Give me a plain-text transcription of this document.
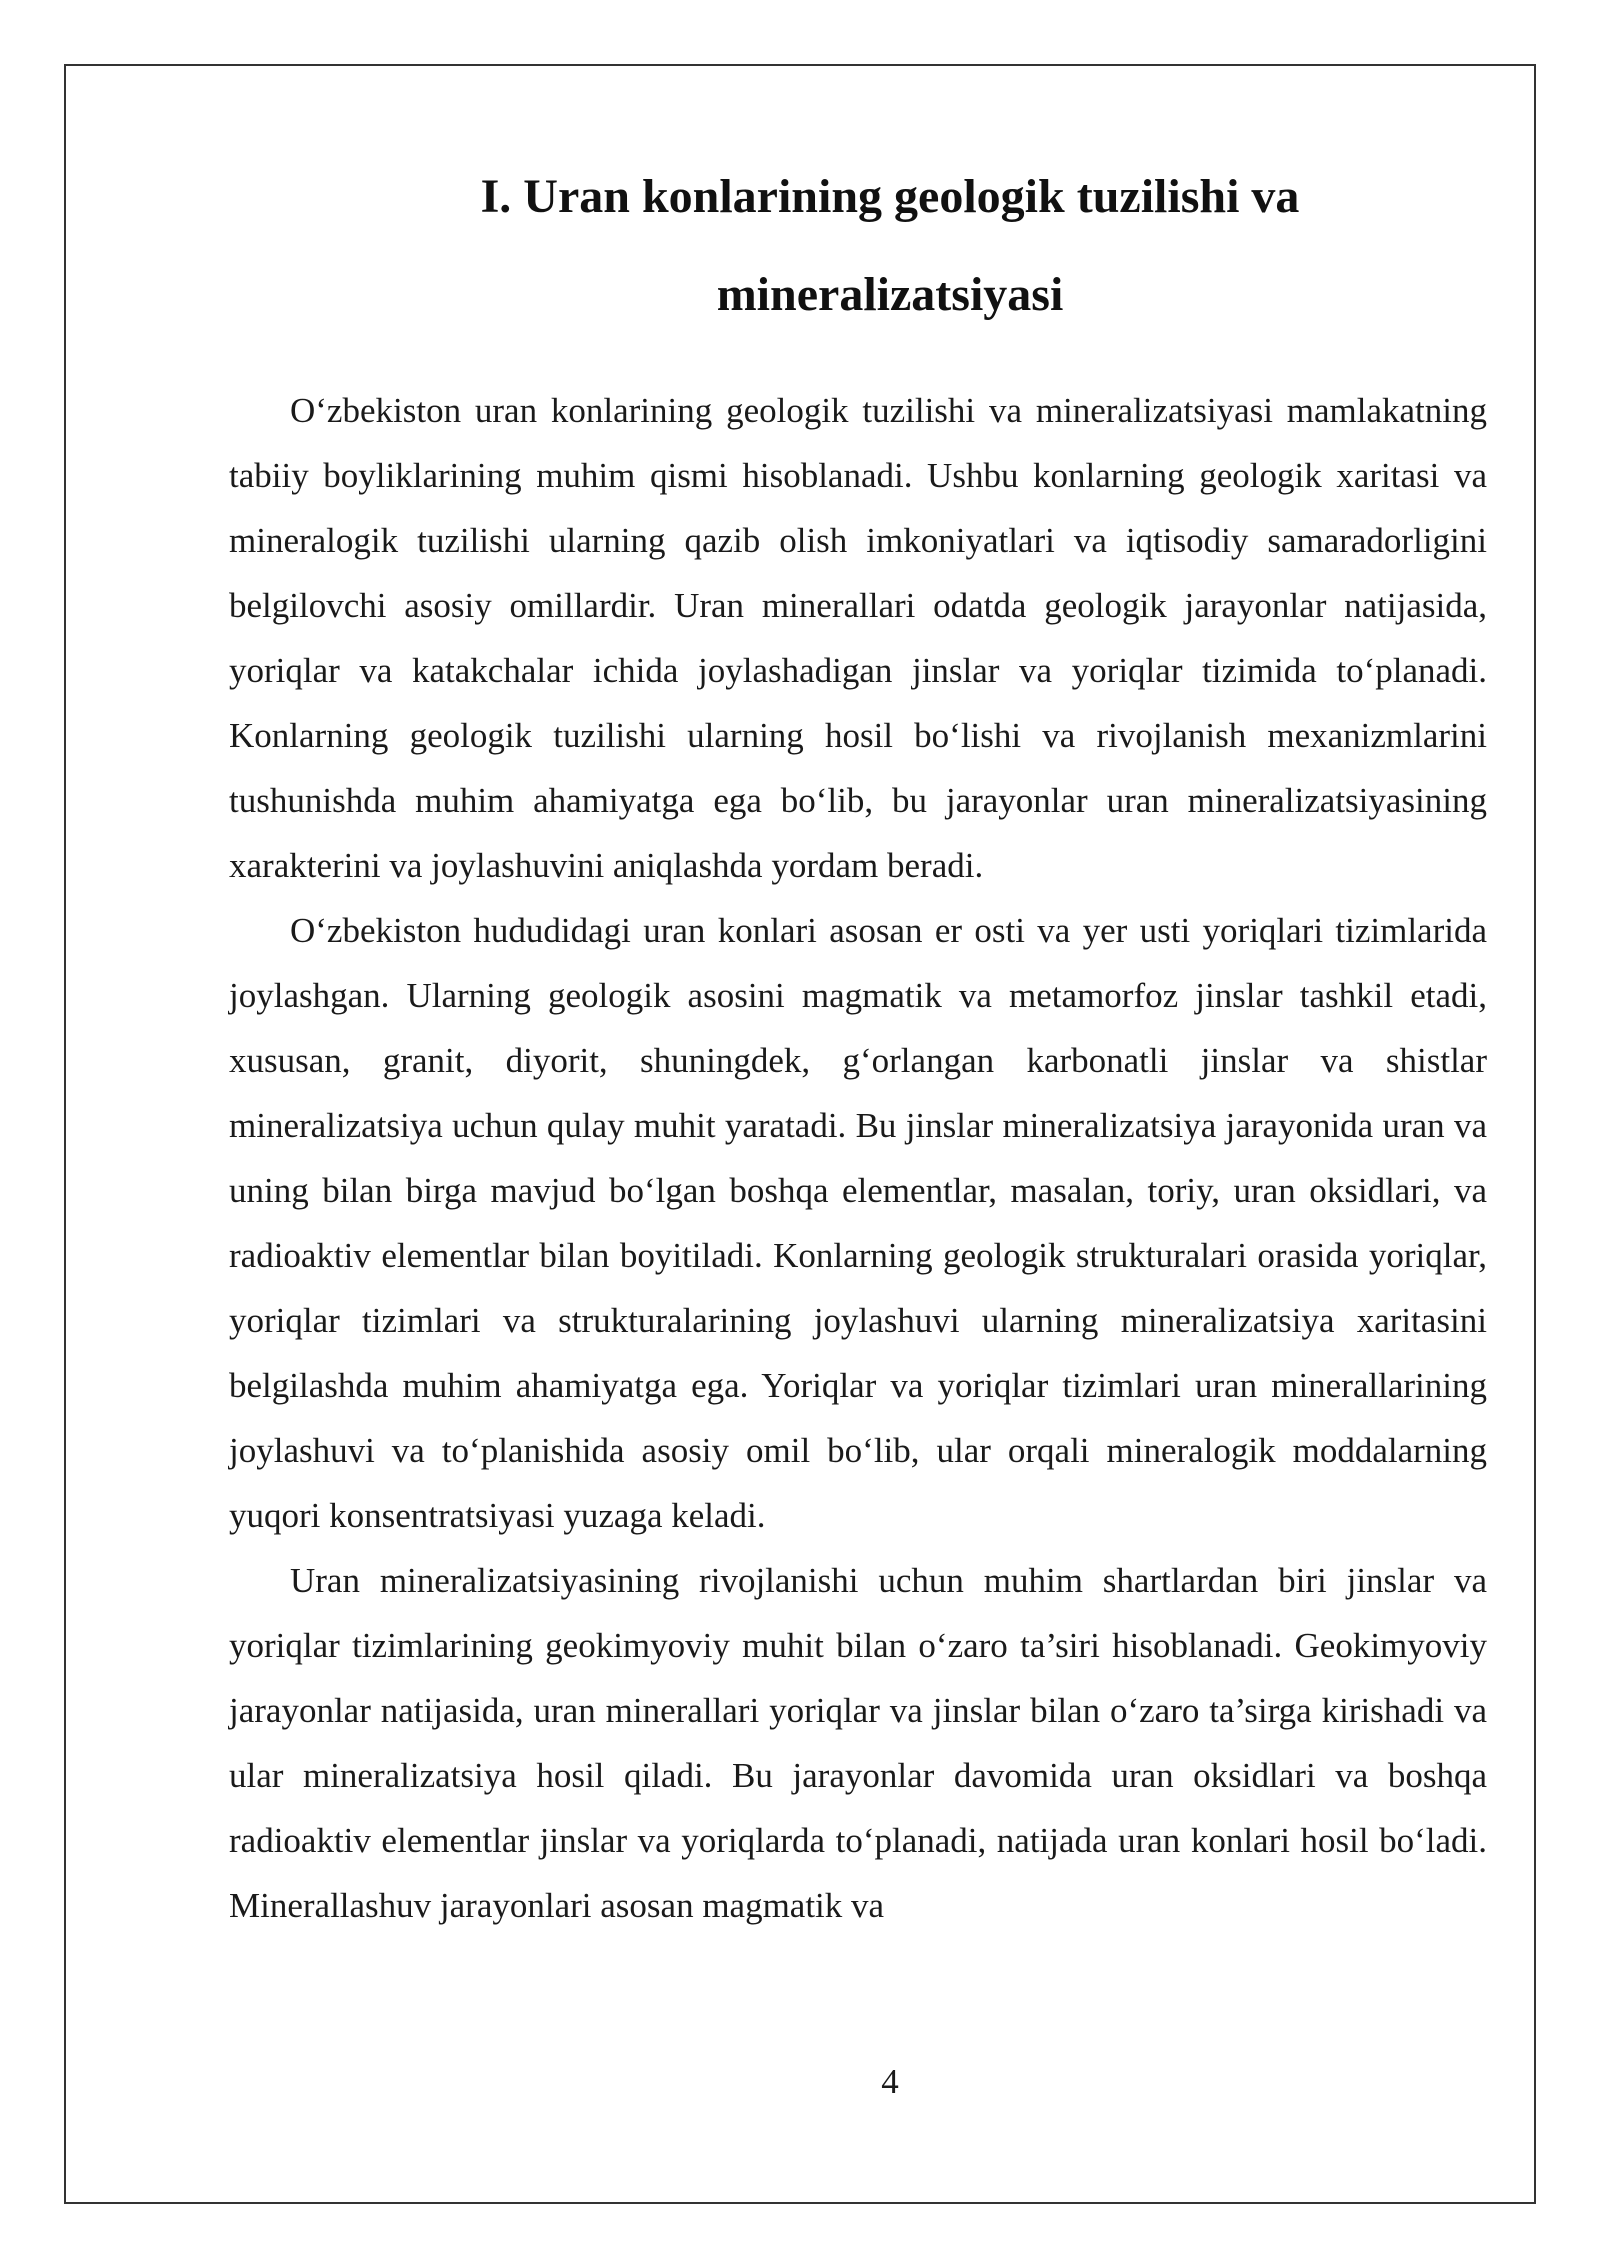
I. Uran konlarining geologik tuzilishi va mineralizatsiyasi

O‘zbekiston uran konlarining geologik tuzilishi va mineralizatsiyasi mamlakatning tabiiy boyliklarining muhim qismi hisoblanadi. Ushbu konlarning geologik xaritasi va mineralogik tuzilishi ularning qazib olish imkoniyatlari va iqtisodiy samaradorligini belgilovchi asosiy omillardir. Uran minerallari odatda geologik jarayonlar natijasida, yoriqlar va katakchalar ichida joylashadigan jinslar va yoriqlar tizimida to‘planadi. Konlarning geologik tuzilishi ularning hosil bo‘lishi va rivojlanish mexanizmlarini tushunishda muhim ahamiyatga ega bo‘lib, bu jarayonlar uran mineralizatsiyasining xarakterini va joylashuvini aniqlashda yordam beradi.

O‘zbekiston hududidagi uran konlari asosan er osti va yer usti yoriqlari tizimlarida joylashgan. Ularning geologik asosini magmatik va metamorfoz jinslar tashkil etadi, xususan, granit, diyorit, shuningdek, g‘orlangan karbonatli jinslar va shistlar mineralizatsiya uchun qulay muhit yaratadi. Bu jinslar mineralizatsiya jarayonida uran va uning bilan birga mavjud bo‘lgan boshqa elementlar, masalan, toriy, uran oksidlari, va radioaktiv elementlar bilan boyitiladi. Konlarning geologik strukturalari orasida yoriqlar, yoriqlar tizimlari va strukturalarining joylashuvi ularning mineralizatsiya xaritasini belgilashda muhim ahamiyatga ega. Yoriqlar va yoriqlar tizimlari uran minerallarining joylashuvi va to‘planishida asosiy omil bo‘lib, ular orqali mineralogik moddalarning yuqori konsentratsiyasi yuzaga keladi.

Uran mineralizatsiyasining rivojlanishi uchun muhim shartlardan biri jinslar va yoriqlar tizimlarining geokimyoviy muhit bilan o‘zaro ta’siri hisoblanadi. Geokimyoviy jarayonlar natijasida, uran minerallari yoriqlar va jinslar bilan o‘zaro ta’sirga kirishadi va ular mineralizatsiya hosil qiladi. Bu jarayonlar davomida uran oksidlari va boshqa radioaktiv elementlar jinslar va yoriqlarda to‘planadi, natijada uran konlari hosil bo‘ladi. Minerallashuv jarayonlari asosan magmatik va

4
